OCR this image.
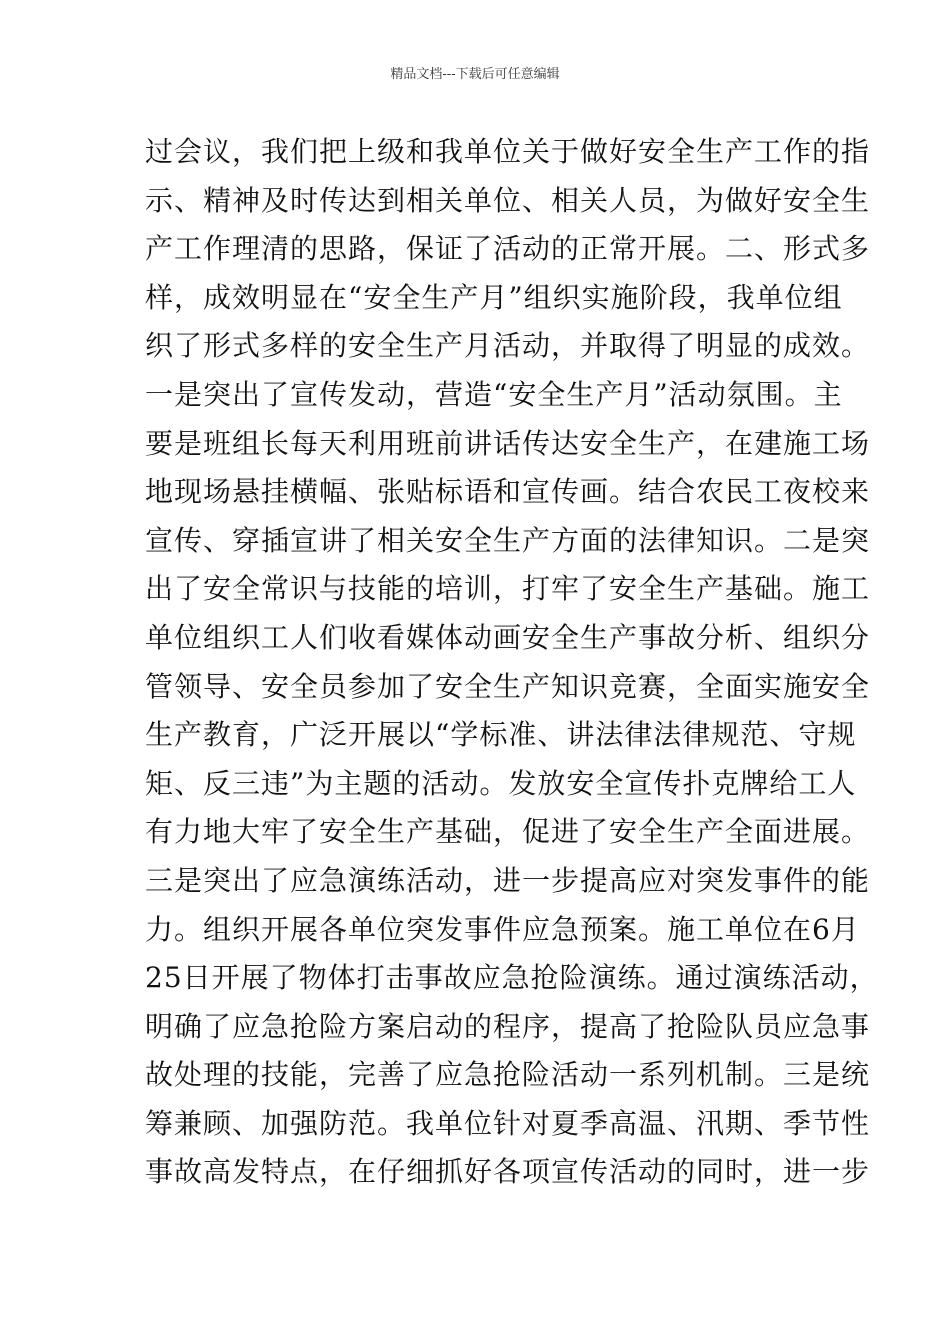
精品文档---下载后可任意编辑
过会议，我们把上级和我单位关于做好安全生产工作的指
示、精神及时传达到相关单位、相关人员，为做好安全生
产工作理清的思路，保证了活动的正常开展。二、形式多
样，成效明显在“安全生产月”组织实施阶段，我单位组
织了形式多样的安全生产月活动，并取得了明显的成效。
一是突出了宣传发动，营造“安全生产月”活动氛围。主
要是班组长每天利用班前讲话传达安全生产，在建施工场
地现场悬挂横幅、张贴标语和宣传画。结合农民工夜校来
宣传、穿插宣讲了相关安全生产方面的法律知识。二是突
出了安全常识与技能的培训，打牢了安全生产基础。施工
单位组织工人们收看媒体动画安全生产事故分析、组织分
管领导、安全员参加了安全生产知识竞赛，全面实施安全
生产教育，广泛开展以“学标准、讲法律法律规范、守规
矩、反三违”为主题的活动。发放安全宣传扑克牌给工人
有力地大牢了安全生产基础，促进了安全生产全面进展。
三是突出了应急演练活动，进一步提高应对突发事件的能
力。组织开展各单位突发事件应急预案。施工单位在6月
25日开展了物体打击事故应急抢险演练。通过演练活动，
明确了应急抢险方案启动的程序，提高了抢险队员应急事
故处理的技能，完善了应急抢险活动一系列机制。三是统
筹兼顾、加强防范。我单位针对夏季高温、汛期、季节性
事故高发特点，在仔细抓好各项宣传活动的同时，进一步
